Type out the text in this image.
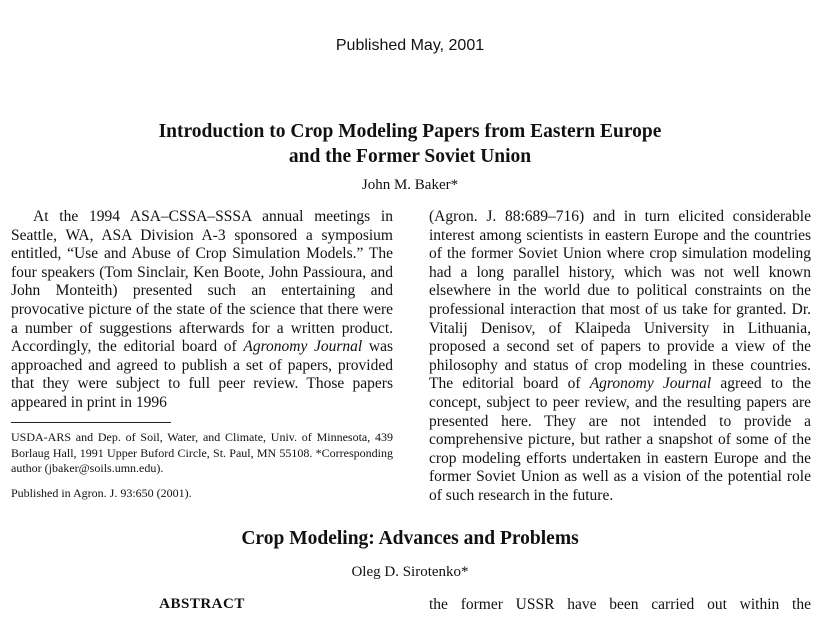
Published May, 2001
Introduction to Crop Modeling Papers from Eastern Europe
and the Former Soviet Union
John M. Baker*

At the 1994 ASA–CSSA–SSSA annual meetings in Seattle, WA, ASA Division A-3 sponsored a symposium entitled, “Use and Abuse of Crop Simulation Models.” The four speakers (Tom Sinclair, Ken Boote, John Passioura, and John Monteith) presented such an entertaining and provocative picture of the state of the science that there were a number of suggestions afterwards for a written product. Accordingly, the editorial board of Agronomy Journal was approached and agreed to publish a set of papers, provided that they were subject to full peer review. Those papers appeared in print in 1996

(Agron. J. 88:689–716) and in turn elicited considerable interest among scientists in eastern Europe and the countries of the former Soviet Union where crop simulation modeling had a long parallel history, which was not well known elsewhere in the world due to political constraints on the professional interaction that most of us take for granted. Dr. Vitalij Denisov, of Klaipeda University in Lithuania, proposed a second set of papers to provide a view of the philosophy and status of crop modeling in these countries. The editorial board of Agronomy Journal agreed to the concept, subject to peer review, and the resulting papers are presented here. They are not intended to provide a comprehensive picture, but rather a snapshot of some of the crop modeling efforts undertaken in eastern Europe and the former Soviet Union as well as a vision of the potential role of such research in the future.

USDA-ARS and Dep. of Soil, Water, and Climate, Univ. of Minnesota, 439 Borlaug Hall, 1991 Upper Buford Circle, St. Paul, MN 55108. *Corresponding author (jbaker@soils.umn.edu).
Published in Agron. J. 93:650 (2001).
Crop Modeling: Advances and Problems
Oleg D. Sirotenko*
ABSTRACT	the former USSR have been carried out within the
